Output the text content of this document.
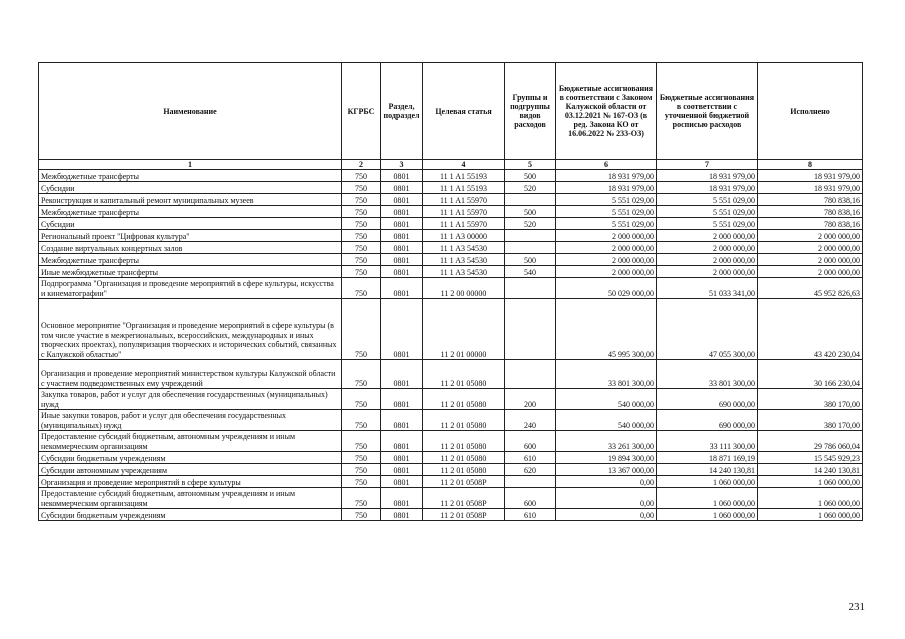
Наименование	КГРБС	Раздел, подраздел	Целевая статья	Группы и подгруппы видов расходов	Бюджетные ассигнования в соответствии с Законом Калужской области от 03.12.2021 № 167-ОЗ (в ред. Закона КО от 16.06.2022 № 233-ОЗ)	Бюджетные ассигнования в соответствии с уточненной бюджетной росписью расходов	Исполнено
1	2	3	4	5	6	7	8
Межбюджетные трансферты	750	0801	11 1 A1 55193	500	18 931 979,00	18 931 979,00	18 931 979,00
Субсидии	750	0801	11 1 A1 55193	520	18 931 979,00	18 931 979,00	18 931 979,00
Реконструкция и капитальный ремонт муниципальных музеев	750	0801	11 1 A1 55970		5 551 029,00	5 551 029,00	780 838,16
Межбюджетные трансферты	750	0801	11 1 A1 55970	500	5 551 029,00	5 551 029,00	780 838,16
Субсидии	750	0801	11 1 A1 55970	520	5 551 029,00	5 551 029,00	780 838,16
Региональный проект "Цифровая культура"	750	0801	11 1 A3 00000		2 000 000,00	2 000 000,00	2 000 000,00
Создание виртуальных концертных залов	750	0801	11 1 A3 54530		2 000 000,00	2 000 000,00	2 000 000,00
Межбюджетные трансферты	750	0801	11 1 A3 54530	500	2 000 000,00	2 000 000,00	2 000 000,00
Иные межбюджетные трансферты	750	0801	11 1 A3 54530	540	2 000 000,00	2 000 000,00	2 000 000,00
Подпрограмма "Организация и проведение мероприятий в сфере культуры, искусства и кинематографии"	750	0801	11 2 00 00000		50 029 000,00	51 033 341,00	45 952 826,63
Основное мероприятие "Организация и проведение мероприятий в сфере культуры (в том числе участие в межрегиональных, всероссийских, международных и иных творческих проектах), популяризация творческих и исторических событий, связанных с Калужской областью"	750	0801	11 2 01 00000		45 995 300,00	47 055 300,00	43 420 230,04
Организация и проведение мероприятий министерством культуры Калужской области с участием подведомственных ему учреждений	750	0801	11 2 01 05080		33 801 300,00	33 801 300,00	30 166 230,04
Закупка товаров, работ и услуг для обеспечения государственных (муниципальных) нужд	750	0801	11 2 01 05080	200	540 000,00	690 000,00	380 170,00
Иные закупки товаров, работ и услуг для обеспечения государственных (муниципальных) нужд	750	0801	11 2 01 05080	240	540 000,00	690 000,00	380 170,00
Предоставление субсидий бюджетным, автономным учреждениям и иным некоммерческим организациям	750	0801	11 2 01 05080	600	33 261 300,00	33 111 300,00	29 786 060,04
Субсидии бюджетным учреждениям	750	0801	11 2 01 05080	610	19 894 300,00	18 871 169,19	15 545 929,23
Субсидии автономным учреждениям	750	0801	11 2 01 05080	620	13 367 000,00	14 240 130,81	14 240 130,81
Организация и проведение мероприятий в сфере культуры	750	0801	11 2 01 0508Р		0,00	1 060 000,00	1 060 000,00
Предоставление субсидий бюджетным, автономным учреждениям и иным некоммерческим организациям	750	0801	11 2 01 0508Р	600	0,00	1 060 000,00	1 060 000,00
Субсидии бюджетным учреждениям	750	0801	11 2 01 0508Р	610	0,00	1 060 000,00	1 060 000,00
231
